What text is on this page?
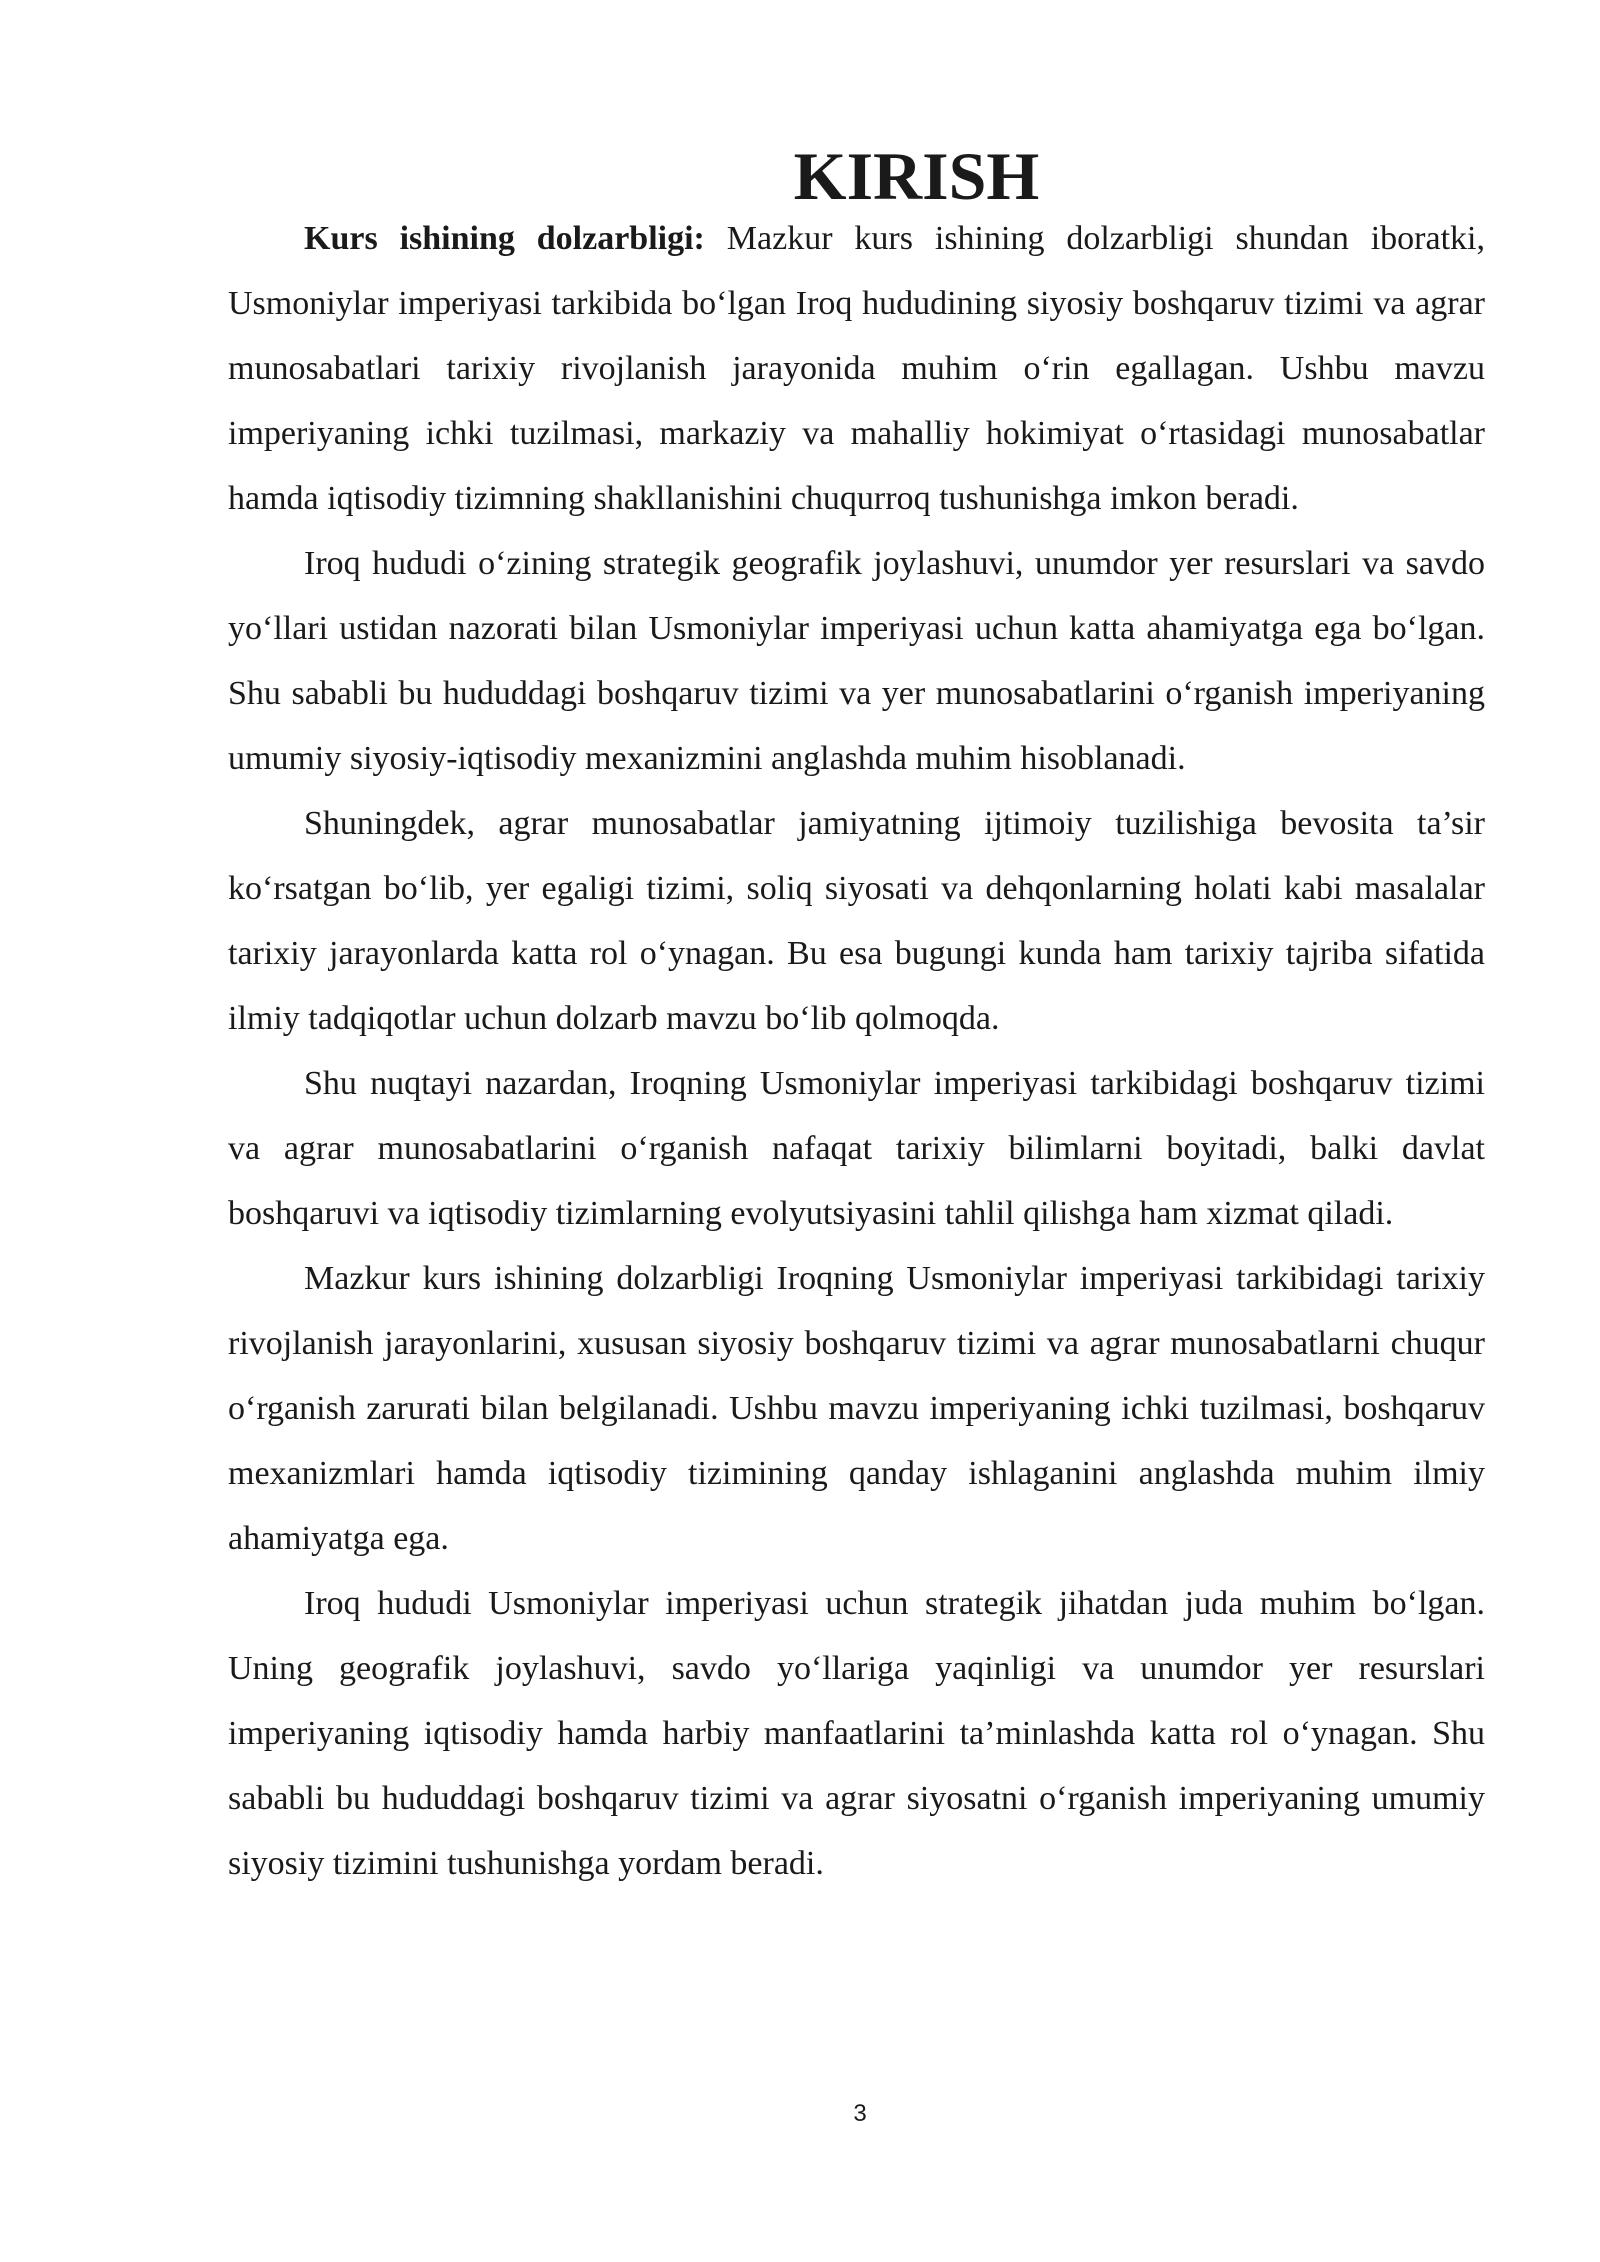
KIRISH

Kurs ishining dolzarbligi: Mazkur kurs ishining dolzarbligi shundan iboratki, Usmoniylar imperiyasi tarkibida bo‘lgan Iroq hududining siyosiy boshqaruv tizimi va agrar munosabatlari tarixiy rivojlanish jarayonida muhim o‘rin egallagan. Ushbu mavzu imperiyaning ichki tuzilmasi, markaziy va mahalliy hokimiyat o‘rtasidagi munosabatlar hamda iqtisodiy tizimning shakllanishini chuqurroq tushunishga imkon beradi.

Iroq hududi o‘zining strategik geografik joylashuvi, unumdor yer resurslari va savdo yo‘llari ustidan nazorati bilan Usmoniylar imperiyasi uchun katta ahamiyatga ega bo‘lgan. Shu sababli bu hududdagi boshqaruv tizimi va yer munosabatlarini o‘rganish imperiyaning umumiy siyosiy-iqtisodiy mexanizmini anglashda muhim hisoblanadi.

Shuningdek, agrar munosabatlar jamiyatning ijtimoiy tuzilishiga bevosita ta’sir ko‘rsatgan bo‘lib, yer egaligi tizimi, soliq siyosati va dehqonlarning holati kabi masalalar tarixiy jarayonlarda katta rol o‘ynagan. Bu esa bugungi kunda ham tarixiy tajriba sifatida ilmiy tadqiqotlar uchun dolzarb mavzu bo‘lib qolmoqda.

Shu nuqtayi nazardan, Iroqning Usmoniylar imperiyasi tarkibidagi boshqaruv tizimi va agrar munosabatlarini o‘rganish nafaqat tarixiy bilimlarni boyitadi, balki davlat boshqaruvi va iqtisodiy tizimlarning evolyutsiyasini tahlil qilishga ham xizmat qiladi.

Mazkur kurs ishining dolzarbligi Iroqning Usmoniylar imperiyasi tarkibidagi tarixiy rivojlanish jarayonlarini, xususan siyosiy boshqaruv tizimi va agrar munosabatlarni chuqur o‘rganish zarurati bilan belgilanadi. Ushbu mavzu imperiyaning ichki tuzilmasi, boshqaruv mexanizmlari hamda iqtisodiy tizimining qanday ishlaganini anglashda muhim ilmiy ahamiyatga ega.

Iroq hududi Usmoniylar imperiyasi uchun strategik jihatdan juda muhim bo‘lgan. Uning geografik joylashuvi, savdo yo‘llariga yaqinligi va unumdor yer resurslari imperiyaning iqtisodiy hamda harbiy manfaatlarini ta’minlashda katta rol o‘ynagan. Shu sababli bu hududdagi boshqaruv tizimi va agrar siyosatni o‘rganish imperiyaning umumiy siyosiy tizimini tushunishga yordam beradi.

3
